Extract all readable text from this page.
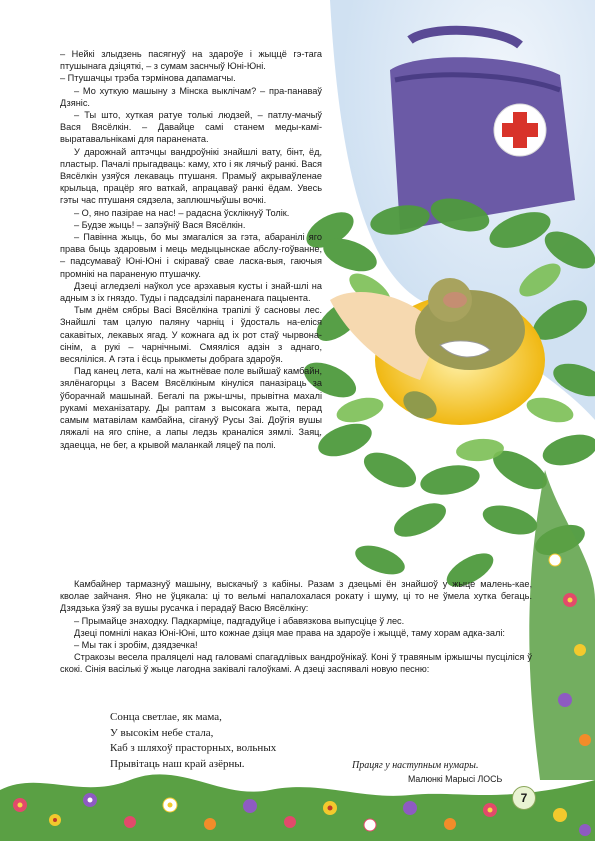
– Нейкі злыдзень пасягнуў на здароўе і жыццё гэ-тага птушынага дзіцяткі, – з сумам заснчыў Юні-Юні.

– Птушачцы трэба тэрмінова дапамагчы.

– Мо хуткую машыну з Мінска выклічам? – пра-панаваў Дзяніс.

– Ты што, хуткая ратуе толькі людзей, – патлу-мачыў Вася Вясёлкін. – Давайце самі станем меды-камі-выратавальнікамі для паранената.

У дарожнай аптэчцы вандроўнікі знайшлі вату, бінт, ёд, пластыр. Пачалі прыгадваць: каму, хто і як лячыў ранкі. Вася Вясёлкін узяўся лекаваць птушаня. Прамыў акрываўленае крыльца, працёр яго ваткай, апрацаваў ранкі ёдам. Увесь гэты час птушаня сядзела, заплюшчыўшы вочкі.

– О, яно пазірае на нас! – радасна ўсклікнуў Толік.

– Будзе жыць! – запэўніў Вася Вясёлкін.

– Павінна жыць, бо мы змагаліся за гэта, абаранілі яго права быць здаровым і мець медыцынскае абслу-гоўванне, – падсумаваў Юні-Юні і скіраваў свае ласка-выя, гаючыя промнікі на параненую птушачку.

Дзеці агледзелі наўкол усе арэхавыя кусты і знай-шлі на адным з іх гняздо. Туды і падсадзілі параненага пацыента.

Тым днём сябры Васі Вясёлкіна трапілі ў сасновы лес. Знайшлі там цэлую паляну чарніц і ўдосталь на-еліся сакавітых, лекавых ягад. У кожнага ад іх рот стаў чырвона-сінім, а рукі – чарнічнымі. Смяяліся адзін з аднаго, весяліліся. А гэта і ёсць прыкметы добрага здароўя.

Пад канец лета, калі на жытнёвае поле выйшаў камбайн, зялёнагорцы з Васем Вясёлкіным кінуліся паназіраць за ўборачнай машынай. Бегалі па ржы-шчы, прывітна махалі рукамі механізатару. Ды раптам з высокага жыта, перад самым матавілам камбайна, сігануў Русы Заі. Доўгія вушы ляжалі на яго спіне, а лапы ледзь краналіся зямлі. Заяц, здаецца, не бег, а крывой маланкай ляцеў па полі.

Камбайнер тармазнуў машыну, выскачыў з кабіны. Разам з дзецьмі ён знайшоў у жыце малень-кае, кволае зайчаня. Яно не ўцякала: ці то вельмі напалохалася рокату і шуму, ці то не ўмела хутка бегаць. Дзядзька ўзяў за вушы русачка і перадаў Васю Вясёлкіну:

– Прымайце знаходку. Падкарміце, падгадуйце і абавязкова выпусціце ў лес.

Дзеці помнілі наказ Юні-Юні, што кожнае дзіця мае права на здароўе і жыццё, таму хорам адка-залі:

– Мы так і зробім, дзядзечка!

Стракозы весела праляцелі над галовамі спагадлівых вандроўнікаў. Коні ў травяным іржышчы пусціліся ў скокі. Сінія васількі ў жыце лагодна заківалі галоўкамі. А дзеці заспявалі новую песню:

Сонца светлае, як мама,
У высокім небе стала,
Каб з шляхоў прасторных, вольных
Прывітаць наш край азёрны.	Працяг у наступным нумары.
Малюнкі Марысі ЛОСЬ
7
